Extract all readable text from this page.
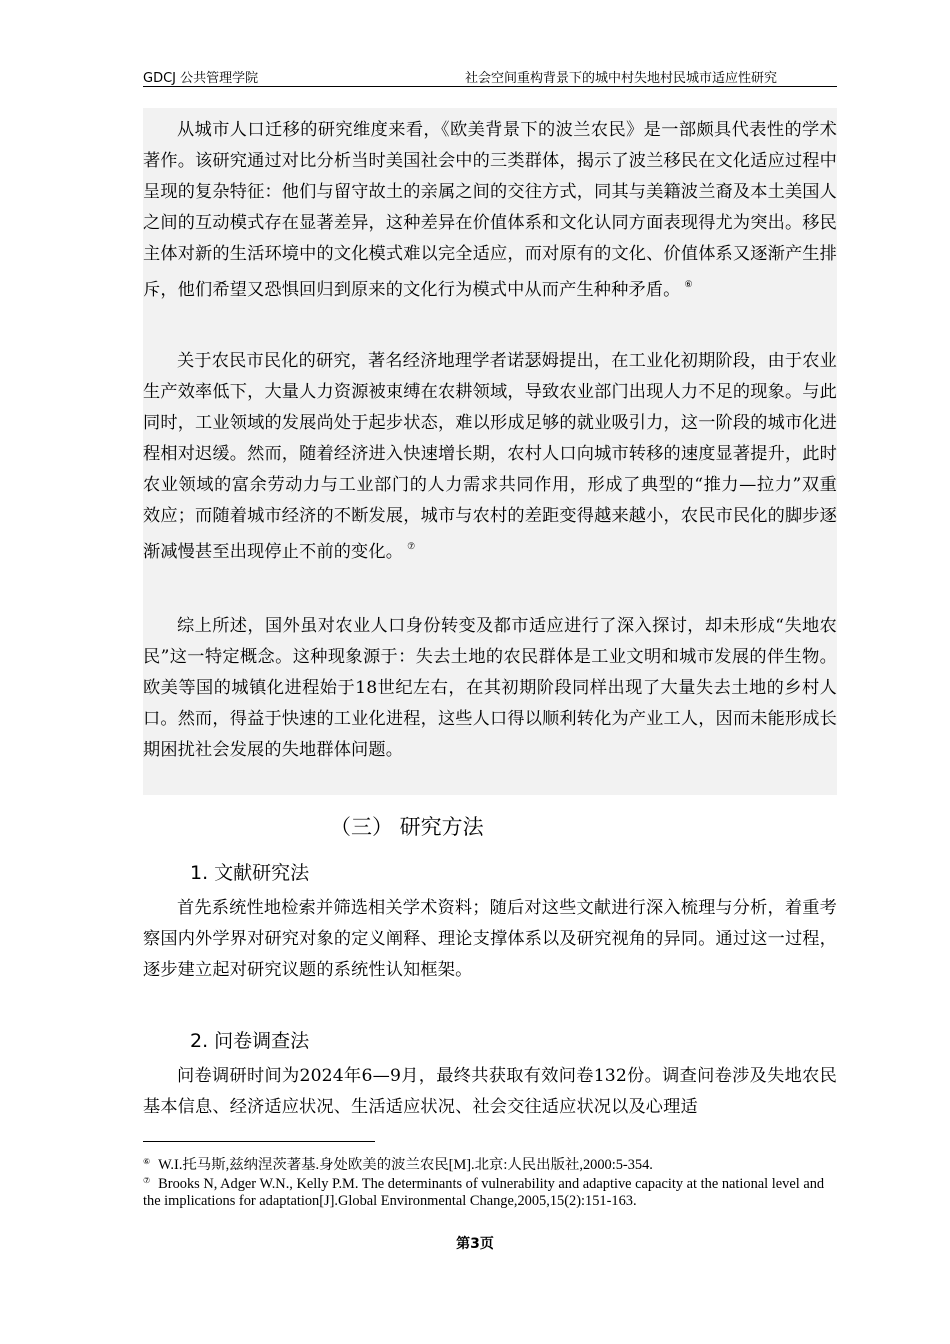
GDCJ 公共管理学院	社会空间重构背景下的城中村失地村民城市适应性研究

从城市人口迁移的研究维度来看，《欧美背景下的波兰农民》是一部颇具代表性的学术著作。该研究通过对比分析当时美国社会中的三类群体，揭示了波兰移民在文化适应过程中呈现的复杂特征：他们与留守故土的亲属之间的交往方式，同其与美籍波兰裔及本土美国人之间的互动模式存在显著差异，这种差异在价值体系和文化认同方面表现得尤为突出。移民主体对新的生活环境中的文化模式难以完全适应，而对原有的文化、价值体系又逐渐产生排斥，他们希望又恐惧回归到原来的文化行为模式中从而产生种种矛盾。 ⑥

关于农民市民化的研究，著名经济地理学者诺瑟姆提出，在工业化初期阶段，由于农业生产效率低下，大量人力资源被束缚在农耕领域，导致农业部门出现人力不足的现象。与此同时，工业领域的发展尚处于起步状态，难以形成足够的就业吸引力，这一阶段的城市化进程相对迟缓。然而，随着经济进入快速增长期，农村人口向城市转移的速度显著提升，此时农业领域的富余劳动力与工业部门的人力需求共同作用，形成了典型的“推力—拉力”双重效应；而随着城市经济的不断发展，城市与农村的差距变得越来越小，农民市民化的脚步逐渐减慢甚至出现停止不前的变化。 ⑦

综上所述，国外虽对农业人口身份转变及都市适应进行了深入探讨，却未形成“失地农民”这一特定概念。这种现象源于：失去土地的农民群体是工业文明和城市发展的伴生物。欧美等国的城镇化进程始于18世纪左右，在其初期阶段同样出现了大量失去土地的乡村人口。然而，得益于快速的工业化进程，这些人口得以顺利转化为产业工人，因而未能形成长期困扰社会发展的失地群体问题。

（三） 研究方法
1. 文献研究法

首先系统性地检索并筛选相关学术资料；随后对这些文献进行深入梳理与分析，着重考察国内外学界对研究对象的定义阐释、理论支撑体系以及研究视角的异同。通过这一过程，逐步建立起对研究议题的系统性认知框架。

2. 问卷调查法

问卷调研时间为2024年6—9月，最终共获取有效问卷132份。调查问卷涉及失地农民基本信息、经济适应状况、生活适应状况、社会交往适应状况以及心理适

⑥ W.I.托马斯,兹纳涅茨著基.身处欧美的波兰农民[M].北京:人民出版社,2000:5-354.

⑦ Brooks N, Adger W.N., Kelly P.M. The determinants of vulnerability and adaptive capacity at the national level and the implications for adaptation[J].Global Environmental Change,2005,15(2):151-163.

第3页
